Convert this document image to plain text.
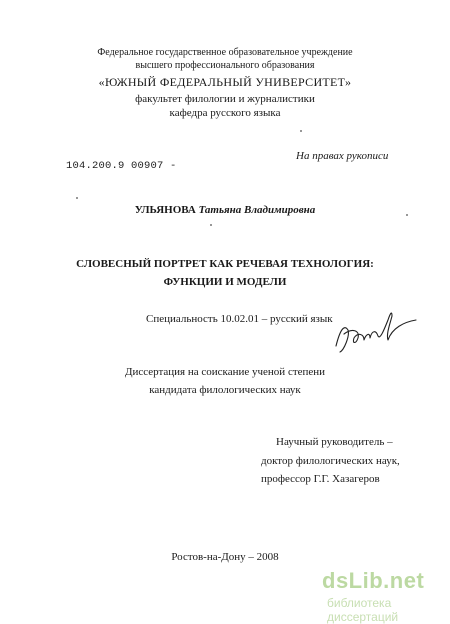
Федеральное государственное образовательное учреждение
высшего профессионального образования
«ЮЖНЫЙ ФЕДЕРАЛЬНЫЙ УНИВЕРСИТЕТ»
факультет филологии и журналистики
кафедра русского языка
104.200.9 00907 -
На правах рукописи
УЛЬЯНОВА Татьяна Владимировна
СЛОВЕСНЫЙ ПОРТРЕТ КАК РЕЧЕВАЯ ТЕХНОЛОГИЯ:
ФУНКЦИИ И МОДЕЛИ
Специальность 10.02.01 – русский язык
Диссертация на соискание ученой степени
кандидата филологических наук
Научный руководитель –
доктор филологических наук,
профессор Г.Г. Хазагеров
Ростов-на-Дону – 2008
dsLib.net
библиотека диссертаций
